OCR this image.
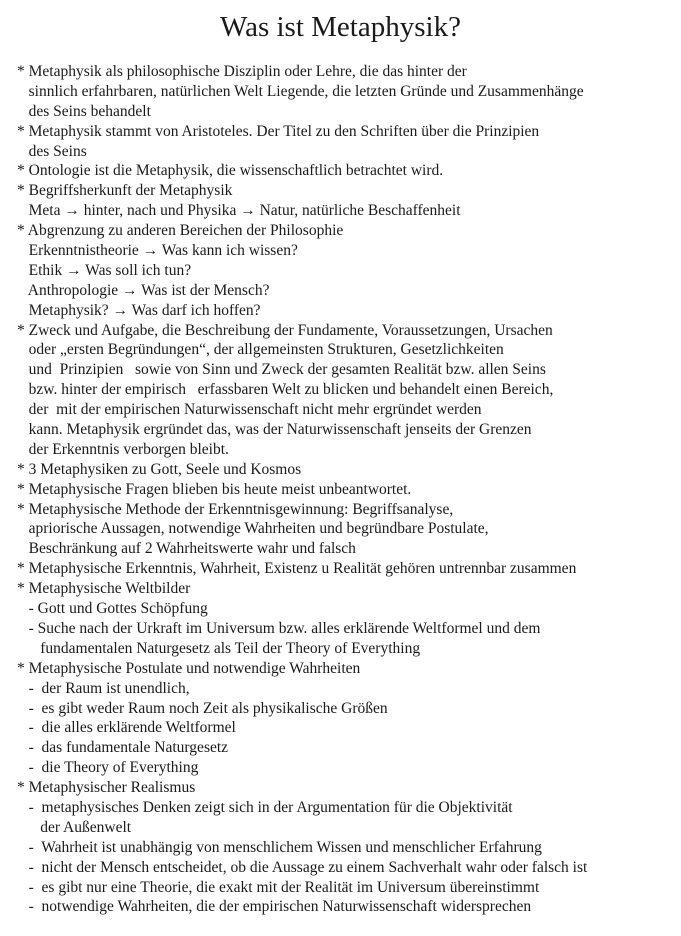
Was ist Metaphysik?
* Metaphysik als philosophische Disziplin oder Lehre, die das hinter der
sinnlich erfahrbaren, natürlichen Welt Liegende, die letzten Gründe und Zusammenhänge
des Seins behandelt
* Metaphysik stammt von Aristoteles. Der Titel zu den Schriften über die Prinzipien
des Seins
* Ontologie ist die Metaphysik, die wissenschaftlich betrachtet wird.
* Begriffsherkunft der Metaphysik
Meta → hinter, nach und Physika → Natur, natürliche Beschaffenheit
* Abgrenzung zu anderen Bereichen der Philosophie
Erkenntnistheorie → Was kann ich wissen?
Ethik → Was soll ich tun?
Anthropologie → Was ist der Mensch?
Metaphysik? → Was darf ich hoffen?
* Zweck und Aufgabe, die Beschreibung der Fundamente, Voraussetzungen, Ursachen
oder „ersten Begründungen“, der allgemeinsten Strukturen, Gesetzlichkeiten
und  Prinzipien   sowie von Sinn und Zweck der gesamten Realität bzw. allen Seins
bzw. hinter der empirisch   erfassbaren Welt zu blicken und behandelt einen Bereich,
der  mit der empirischen Naturwissenschaft nicht mehr ergründet werden
kann. Metaphysik ergründet das, was der Naturwissenschaft jenseits der Grenzen
der Erkenntnis verborgen bleibt.
* 3 Metaphysiken zu Gott, Seele und Kosmos
* Metaphysische Fragen blieben bis heute meist unbeantwortet.
* Metaphysische Methode der Erkenntnisgewinnung: Begriffsanalyse,
apriorische Aussagen, notwendige Wahrheiten und begründbare Postulate,
Beschränkung auf 2 Wahrheitswerte wahr und falsch
* Metaphysische Erkenntnis, Wahrheit, Existenz u Realität gehören untrennbar zusammen
* Metaphysische Weltbilder
- Gott und Gottes Schöpfung
- Suche nach der Urkraft im Universum bzw. alles erklärende Weltformel und dem
fundamentalen Naturgesetz als Teil der Theory of Everything
* Metaphysische Postulate und notwendige Wahrheiten
-  der Raum ist unendlich,
-  es gibt weder Raum noch Zeit als physikalische Größen
-  die alles erklärende Weltformel
-  das fundamentale Naturgesetz
-  die Theory of Everything
* Metaphysischer Realismus
-  metaphysisches Denken zeigt sich in der Argumentation für die Objektivität
der Außenwelt
-  Wahrheit ist unabhängig von menschlichem Wissen und menschlicher Erfahrung
-  nicht der Mensch entscheidet, ob die Aussage zu einem Sachverhalt wahr oder falsch ist
-  es gibt nur eine Theorie, die exakt mit der Realität im Universum übereinstimmt
-  notwendige Wahrheiten, die der empirischen Naturwissenschaft widersprechen
